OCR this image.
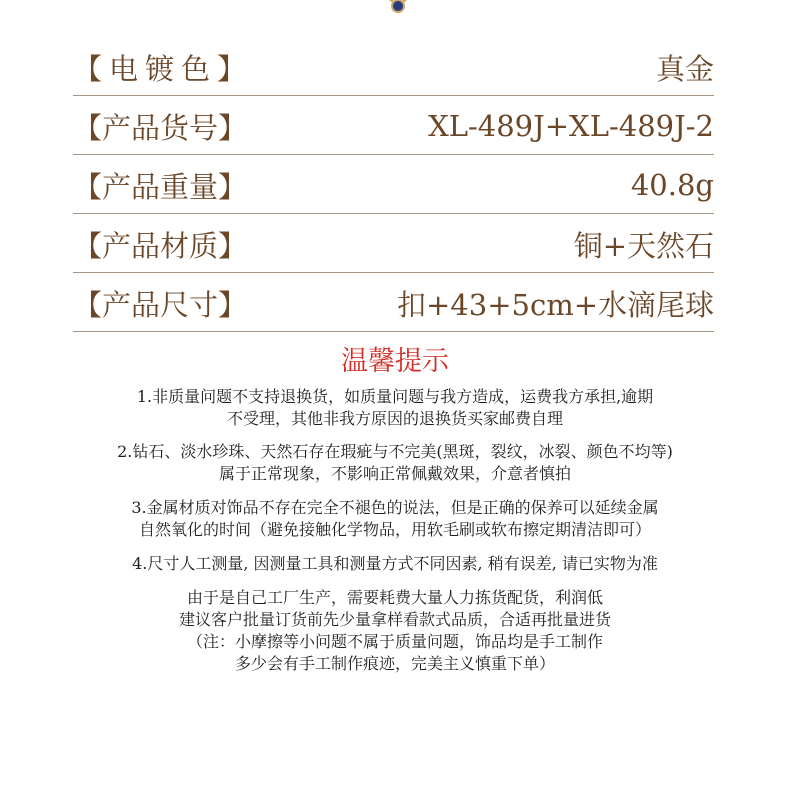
【电镀色】	真金
【产品货号】	XL-489J+XL-489J-2
【产品重量】	40.8g
【产品材质】	铜+天然石
【产品尺寸】	扣+43+5cm+水滴尾球
温馨提示

1.非质量问题不支持退换货，如质量问题与我方造成，运费我方承担,逾期
不受理，其他非我方原因的退换货买家邮费自理

2.钻石、淡水珍珠、天然石存在瑕疵与不完美(黑斑，裂纹，冰裂、颜色不均等)
属于正常现象，不影响正常佩戴效果，介意者慎拍

3.金属材质对饰品不存在完全不褪色的说法，但是正确的保养可以延续金属
自然氧化的时间（避免接触化学物品，用软毛刷或软布擦定期清洁即可）

4.尺寸人工测量, 因测量工具和测量方式不同因素, 稍有误差, 请已实物为准

由于是自己工厂生产，需要耗费大量人力拣货配货，利润低
建议客户批量订货前先少量拿样看款式品质，合适再批量进货
（注：小摩擦等小问题不属于质量问题，饰品均是手工制作
多少会有手工制作痕迹，完美主义慎重下单）
